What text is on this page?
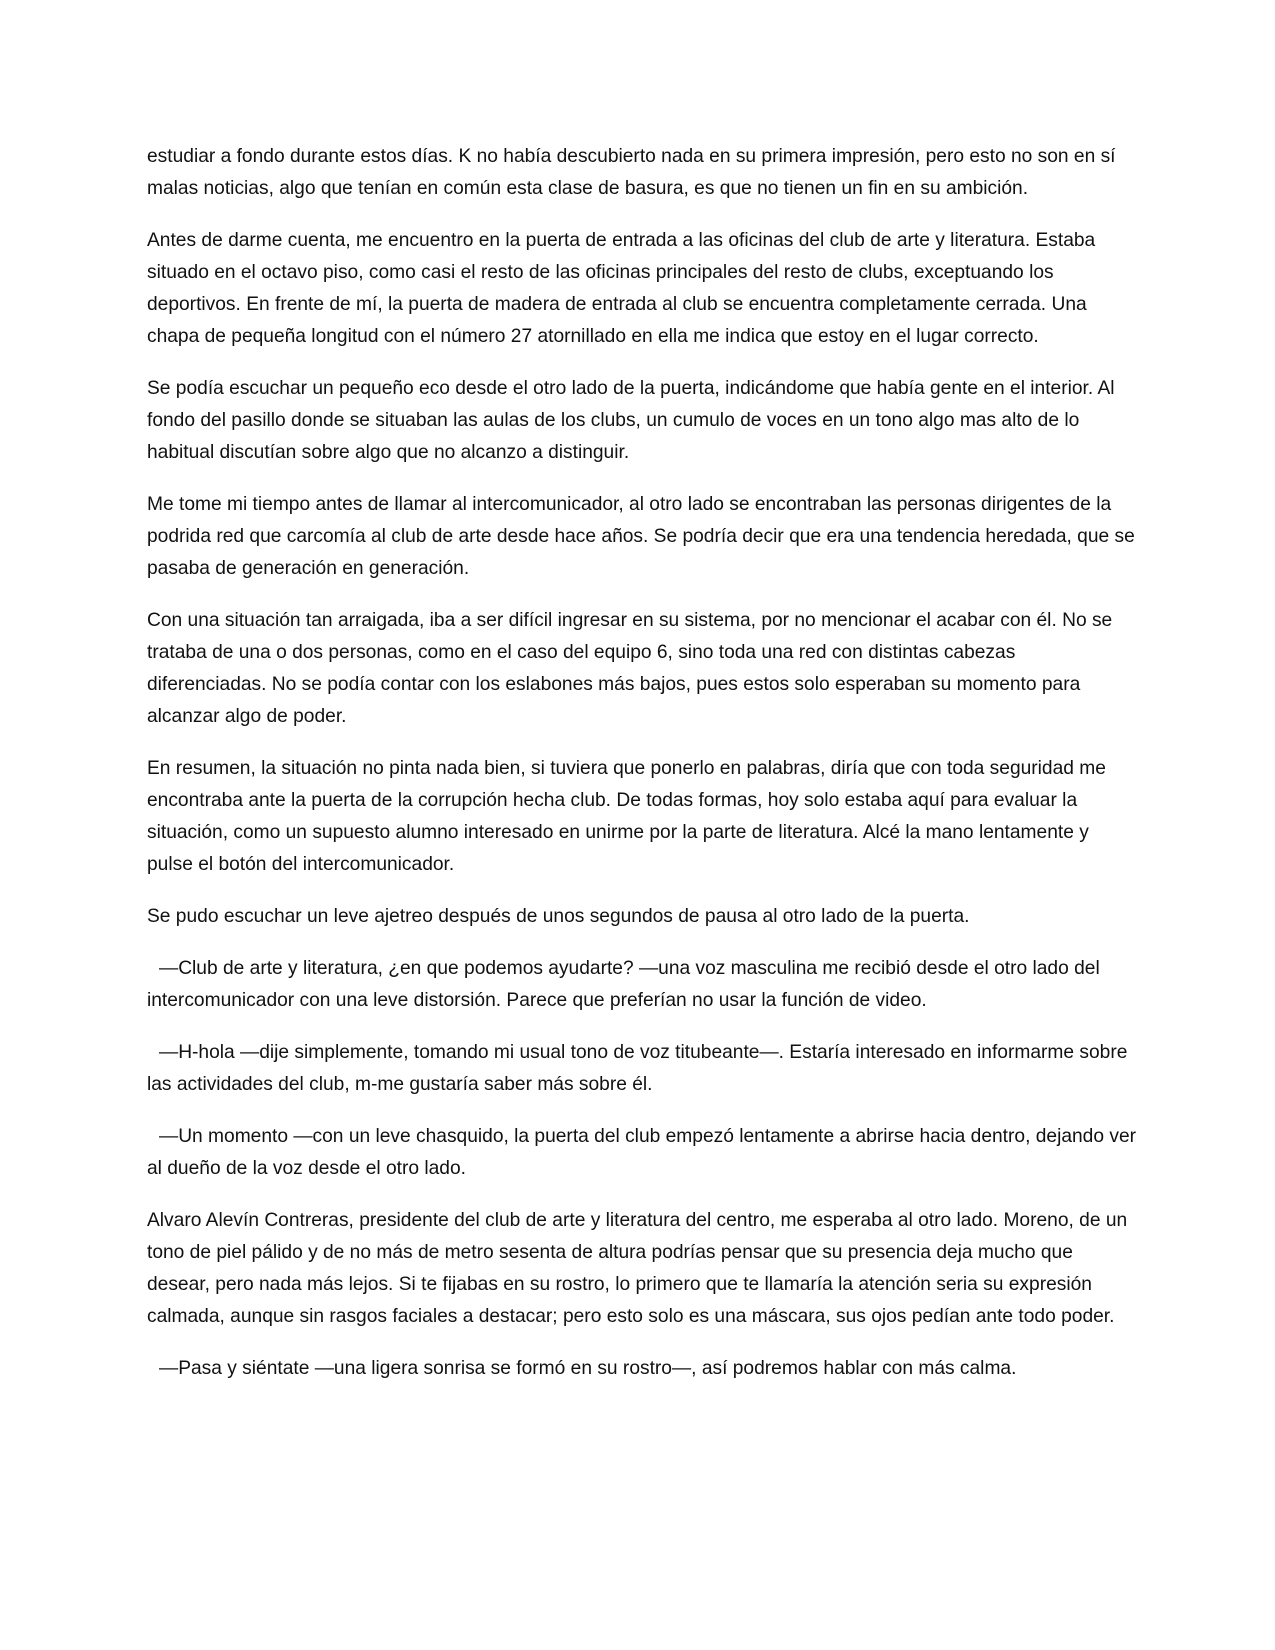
estudiar a fondo durante estos días. K no había descubierto nada en su primera impresión, pero esto no son en sí malas noticias, algo que tenían en común esta clase de basura, es que no tienen un fin en su ambición.

Antes de darme cuenta, me encuentro en la puerta de entrada a las oficinas del club de arte y literatura. Estaba situado en el octavo piso, como casi el resto de las oficinas principales del resto de clubs, exceptuando los deportivos. En frente de mí, la puerta de madera de entrada al club se encuentra completamente cerrada. Una chapa de pequeña longitud con el número 27 atornillado en ella me indica que estoy en el lugar correcto.

Se podía escuchar un pequeño eco desde el otro lado de la puerta, indicándome que había gente en el interior. Al fondo del pasillo donde se situaban las aulas de los clubs, un cumulo de voces en un tono algo mas alto de lo habitual discutían sobre algo que no alcanzo a distinguir.

Me tome mi tiempo antes de llamar al intercomunicador, al otro lado se encontraban las personas dirigentes de la podrida red que carcomía al club de arte desde hace años. Se podría decir que era una tendencia heredada, que se pasaba de generación en generación.

Con una situación tan arraigada, iba a ser difícil ingresar en su sistema, por no mencionar el acabar con él. No se trataba de una o dos personas, como en el caso del equipo 6, sino toda una red con distintas cabezas diferenciadas. No se podía contar con los eslabones más bajos, pues estos solo esperaban su momento para alcanzar algo de poder.

En resumen, la situación no pinta nada bien, si tuviera que ponerlo en palabras, diría que con toda seguridad me encontraba ante la puerta de la corrupción hecha club. De todas formas, hoy solo estaba aquí para evaluar la situación, como un supuesto alumno interesado en unirme por la parte de literatura. Alcé la mano lentamente y pulse el botón del intercomunicador.

Se pudo escuchar un leve ajetreo después de unos segundos de pausa al otro lado de la puerta.

—Club de arte y literatura, ¿en que podemos ayudarte? —una voz masculina me recibió desde el otro lado del intercomunicador con una leve distorsión. Parece que preferían no usar la función de video.

—H-hola —dije simplemente, tomando mi usual tono de voz titubeante—. Estaría interesado en informarme sobre las actividades del club, m-me gustaría saber más sobre él.

—Un momento —con un leve chasquido, la puerta del club empezó lentamente a abrirse hacia dentro, dejando ver al dueño de la voz desde el otro lado.

Alvaro Alevín Contreras, presidente del club de arte y literatura del centro, me esperaba al otro lado. Moreno, de un tono de piel pálido y de no más de metro sesenta de altura podrías pensar que su presencia deja mucho que desear, pero nada más lejos. Si te fijabas en su rostro, lo primero que te llamaría la atención seria su expresión calmada, aunque sin rasgos faciales a destacar; pero esto solo es una máscara, sus ojos pedían ante todo poder.

—Pasa y siéntate —una ligera sonrisa se formó en su rostro—, así podremos hablar con más calma.
